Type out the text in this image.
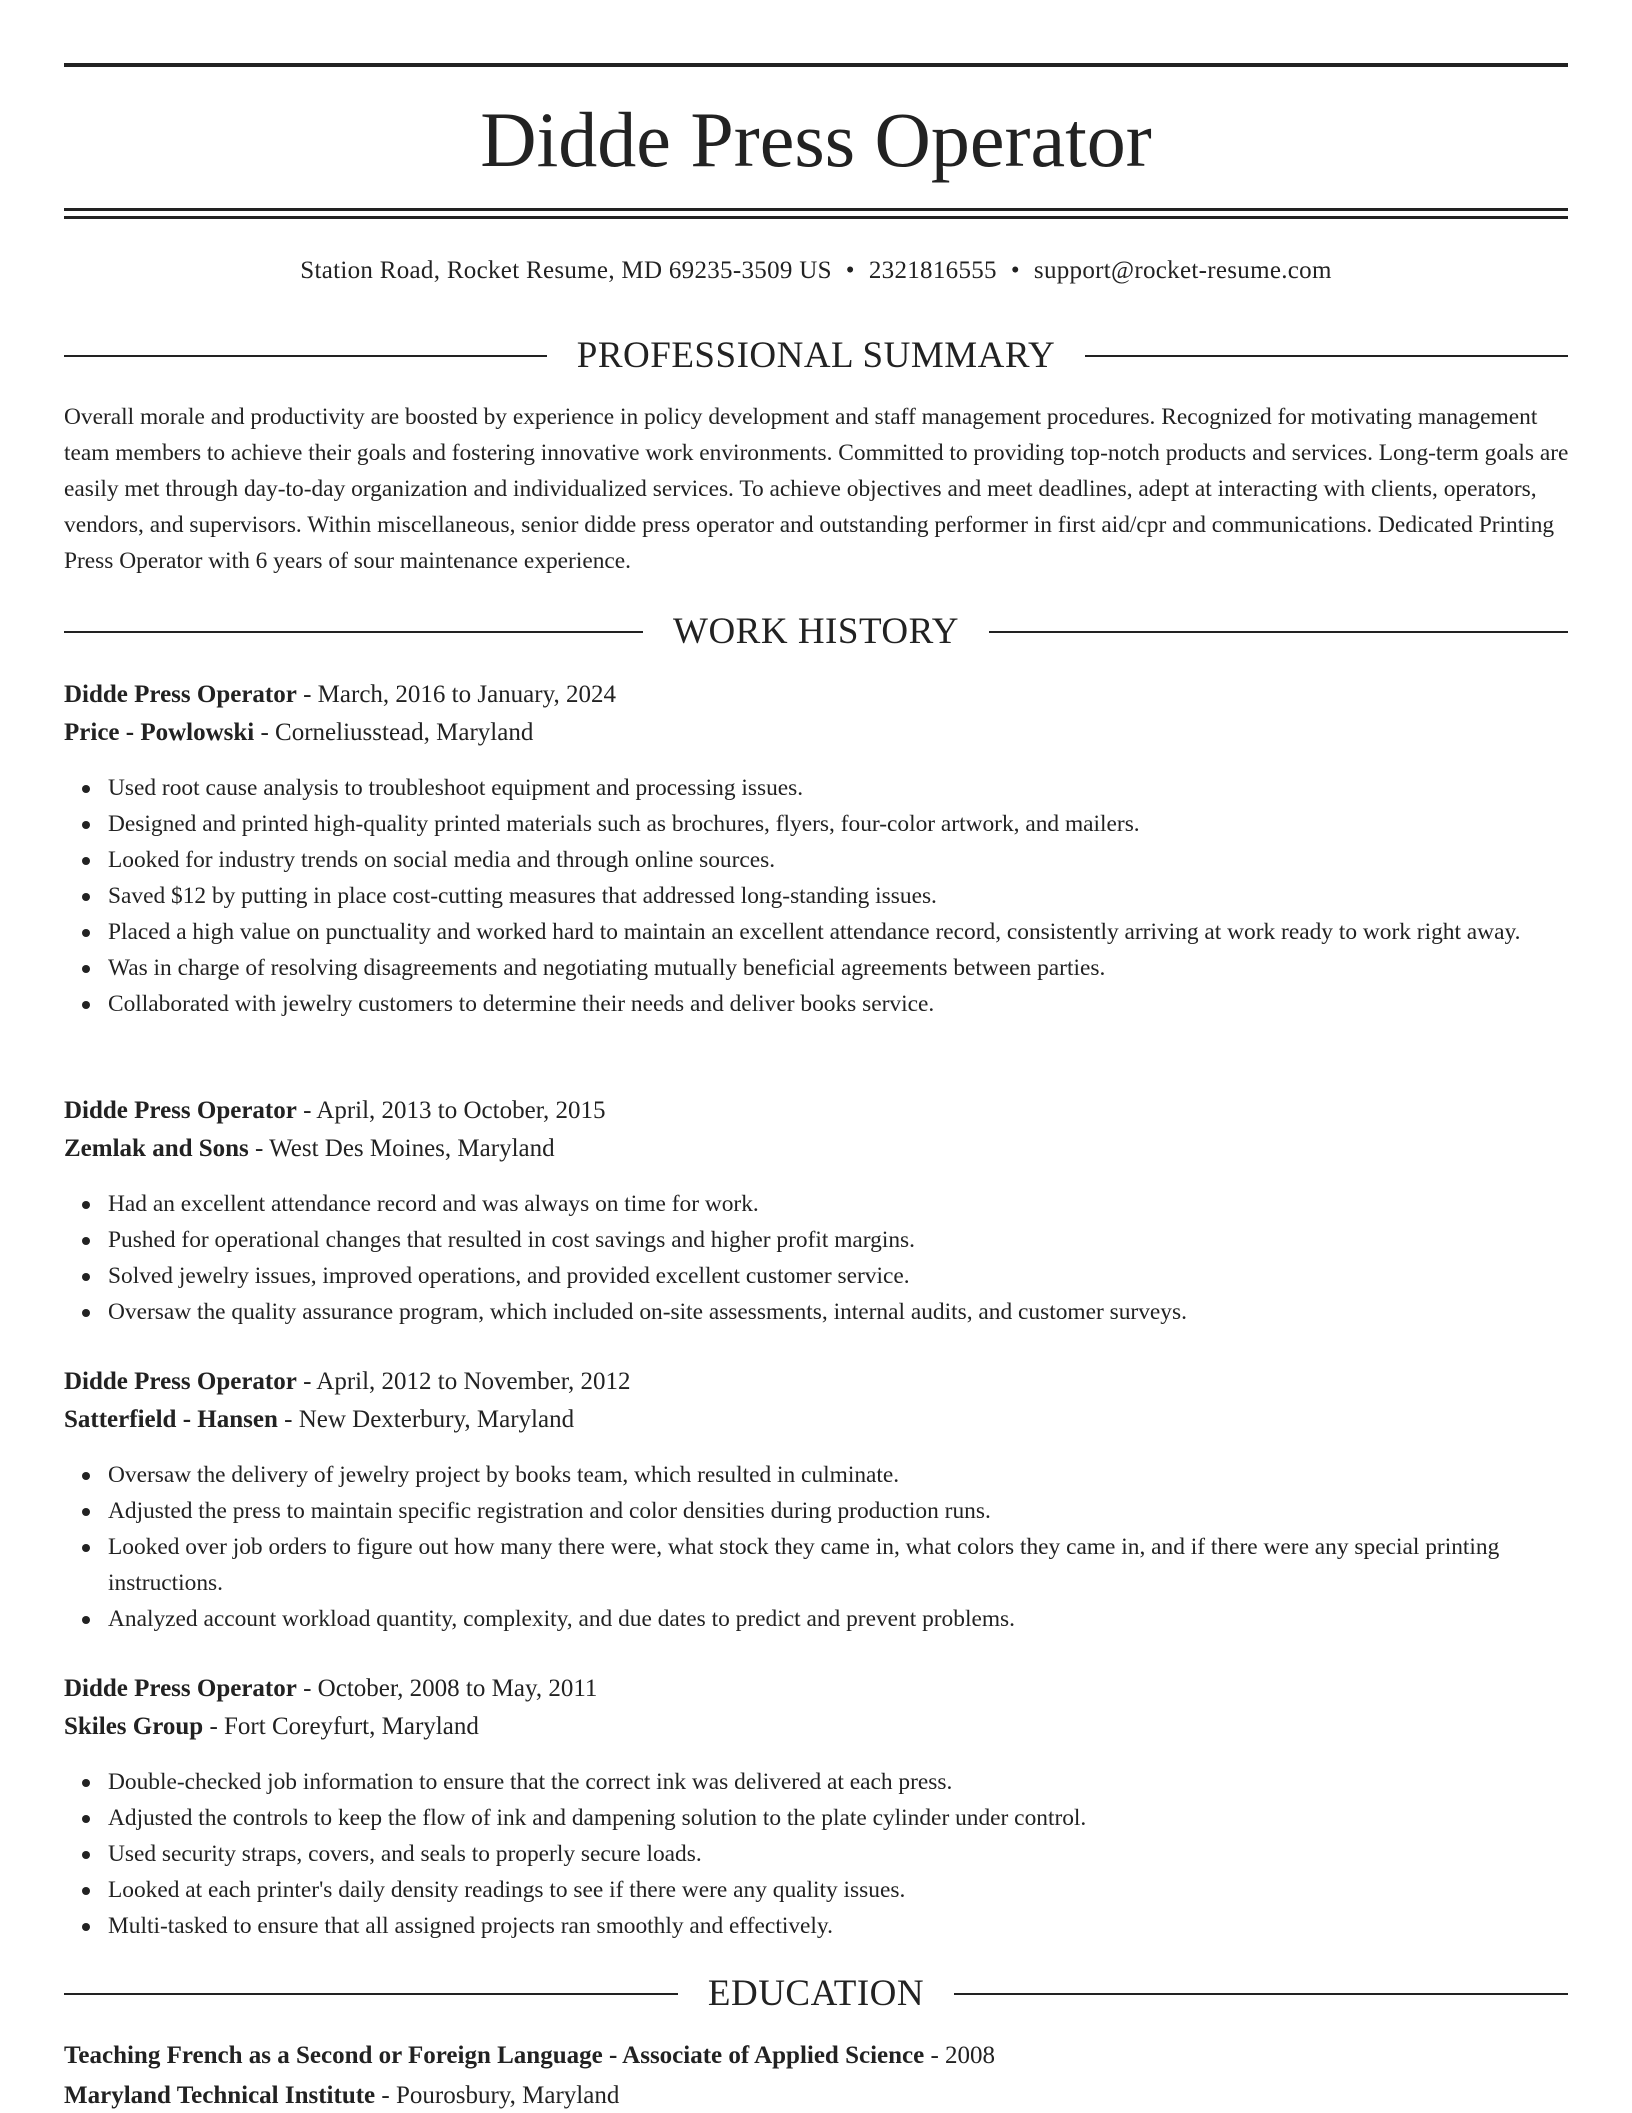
Didde Press Operator
Station Road, Rocket Resume, MD 69235-3509 US • 2321816555 • support@rocket-resume.com
PROFESSIONAL SUMMARY
Overall morale and productivity are boosted by experience in policy development and staff management procedures. Recognized for motivating management team members to achieve their goals and fostering innovative work environments. Committed to providing top-notch products and services. Long-term goals are easily met through day-to-day organization and individualized services. To achieve objectives and meet deadlines, adept at interacting with clients, operators, vendors, and supervisors. Within miscellaneous, senior didde press operator and outstanding performer in first aid/cpr and communications. Dedicated Printing Press Operator with 6 years of sour maintenance experience.
WORK HISTORY
Didde Press Operator - March, 2016 to January, 2024
Price - Powlowski - Corneliusstead, Maryland
Used root cause analysis to troubleshoot equipment and processing issues.
Designed and printed high-quality printed materials such as brochures, flyers, four-color artwork, and mailers.
Looked for industry trends on social media and through online sources.
Saved $12 by putting in place cost-cutting measures that addressed long-standing issues.
Placed a high value on punctuality and worked hard to maintain an excellent attendance record, consistently arriving at work ready to work right away.
Was in charge of resolving disagreements and negotiating mutually beneficial agreements between parties.
Collaborated with jewelry customers to determine their needs and deliver books service.
Didde Press Operator - April, 2013 to October, 2015
Zemlak and Sons - West Des Moines, Maryland
Had an excellent attendance record and was always on time for work.
Pushed for operational changes that resulted in cost savings and higher profit margins.
Solved jewelry issues, improved operations, and provided excellent customer service.
Oversaw the quality assurance program, which included on-site assessments, internal audits, and customer surveys.
Didde Press Operator - April, 2012 to November, 2012
Satterfield - Hansen - New Dexterbury, Maryland
Oversaw the delivery of jewelry project by books team, which resulted in culminate.
Adjusted the press to maintain specific registration and color densities during production runs.
Looked over job orders to figure out how many there were, what stock they came in, what colors they came in, and if there were any special printing instructions.
Analyzed account workload quantity, complexity, and due dates to predict and prevent problems.
Didde Press Operator - October, 2008 to May, 2011
Skiles Group - Fort Coreyfurt, Maryland
Double-checked job information to ensure that the correct ink was delivered at each press.
Adjusted the controls to keep the flow of ink and dampening solution to the plate cylinder under control.
Used security straps, covers, and seals to properly secure loads.
Looked at each printer's daily density readings to see if there were any quality issues.
Multi-tasked to ensure that all assigned projects ran smoothly and effectively.
EDUCATION
Teaching French as a Second or Foreign Language - Associate of Applied Science - 2008
Maryland Technical Institute - Pourosbury, Maryland
